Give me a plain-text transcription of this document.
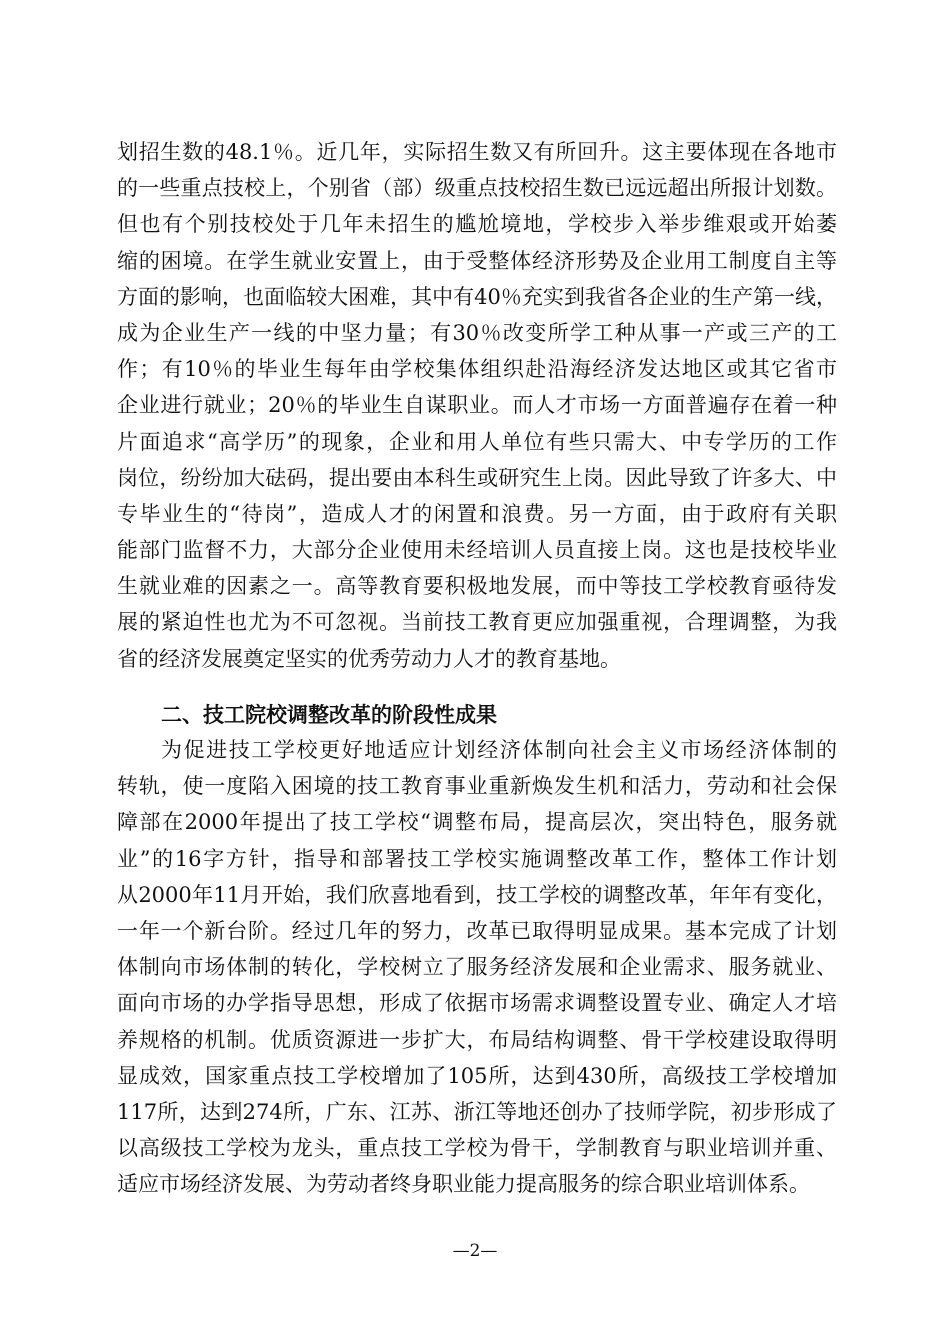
划招生数的48.1％。近几年，实际招生数又有所回升。这主要体现在各地市
的一些重点技校上，个别省（部）级重点技校招生数已远远超出所报计划数。
但也有个别技校处于几年未招生的尴尬境地，学校步入举步维艰或开始萎
缩的困境。在学生就业安置上，由于受整体经济形势及企业用工制度自主等
方面的影响，也面临较大困难，其中有40％充实到我省各企业的生产第一线，
成为企业生产一线的中坚力量；有30％改变所学工种从事一产或三产的工
作；有10％的毕业生每年由学校集体组织赴沿海经济发达地区或其它省市
企业进行就业；20％的毕业生自谋职业。而人才市场一方面普遍存在着一种
片面追求“高学历”的现象，企业和用人单位有些只需大、中专学历的工作
岗位，纷纷加大砝码，提出要由本科生或研究生上岗。因此导致了许多大、中
专毕业生的“待岗”，造成人才的闲置和浪费。另一方面，由于政府有关职
能部门监督不力，大部分企业使用未经培训人员直接上岗。这也是技校毕业
生就业难的因素之一。高等教育要积极地发展，而中等技工学校教育亟待发
展的紧迫性也尤为不可忽视。当前技工教育更应加强重视，合理调整，为我
省的经济发展奠定坚实的优秀劳动力人才的教育基地。
二、技工院校调整改革的阶段性成果
为促进技工学校更好地适应计划经济体制向社会主义市场经济体制的
转轨，使一度陷入困境的技工教育事业重新焕发生机和活力，劳动和社会保
障部在2000年提出了技工学校“调整布局，提高层次，突出特色，服务就
业”的16字方针，指导和部署技工学校实施调整改革工作，整体工作计划
从2000年11月开始，我们欣喜地看到，技工学校的调整改革，年年有变化，
一年一个新台阶。经过几年的努力，改革已取得明显成果。基本完成了计划
体制向市场体制的转化，学校树立了服务经济发展和企业需求、服务就业、
面向市场的办学指导思想，形成了依据市场需求调整设置专业、确定人才培
养规格的机制。优质资源进一步扩大，布局结构调整、骨干学校建设取得明
显成效，国家重点技工学校增加了105所，达到430所，高级技工学校增加
117所，达到274所，广东、江苏、浙江等地还创办了技师学院，初步形成了
以高级技工学校为龙头，重点技工学校为骨干，学制教育与职业培训并重、
适应市场经济发展、为劳动者终身职业能力提高服务的综合职业培训体系。
—2—
